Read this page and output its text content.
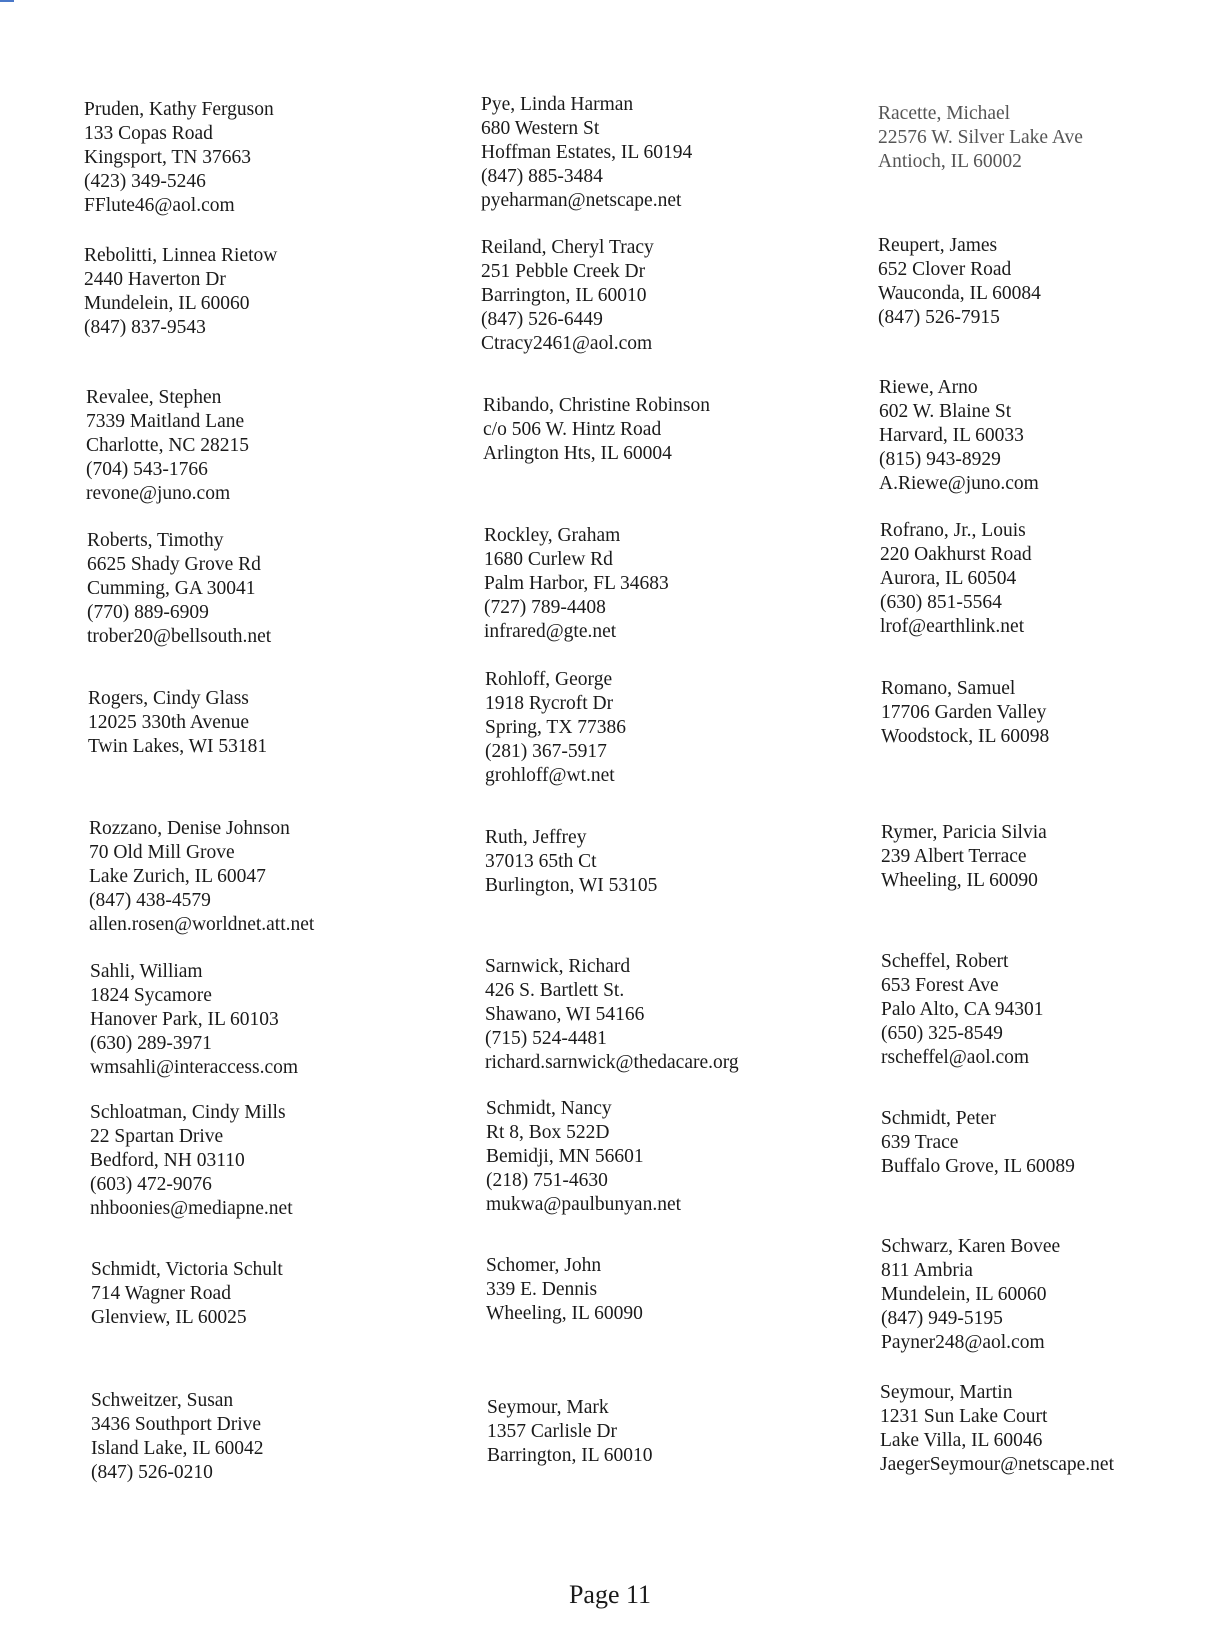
Pruden, Kathy Ferguson
133 Copas Road
Kingsport, TN 37663
(423) 349-5246
FFlute46@aol.com
Pye, Linda Harman
680 Western St
Hoffman Estates, IL 60194
(847) 885-3484
pyeharman@netscape.net
Racette, Michael
22576 W. Silver Lake Ave
Antioch, IL 60002
Rebolitti, Linnea Rietow
2440 Haverton Dr
Mundelein, IL 60060
(847) 837-9543
Reiland, Cheryl Tracy
251 Pebble Creek Dr
Barrington, IL 60010
(847) 526-6449
Ctracy2461@aol.com
Reupert, James
652 Clover Road
Wauconda, IL 60084
(847) 526-7915
Revalee, Stephen
7339 Maitland Lane
Charlotte, NC 28215
(704) 543-1766
revone@juno.com
Ribando, Christine Robinson
c/o 506 W. Hintz Road
Arlington Hts, IL 60004
Riewe, Arno
602 W. Blaine St
Harvard, IL 60033
(815) 943-8929
A.Riewe@juno.com
Roberts, Timothy
6625 Shady Grove Rd
Cumming, GA 30041
(770) 889-6909
trober20@bellsouth.net
Rockley, Graham
1680 Curlew Rd
Palm Harbor, FL 34683
(727) 789-4408
infrared@gte.net
Rofrano, Jr., Louis
220 Oakhurst Road
Aurora, IL 60504
(630) 851-5564
lrof@earthlink.net
Rogers, Cindy Glass
12025 330th Avenue
Twin Lakes, WI 53181
Rohloff, George
1918 Rycroft Dr
Spring, TX 77386
(281) 367-5917
grohloff@wt.net
Romano, Samuel
17706 Garden Valley
Woodstock, IL 60098
Rozzano, Denise Johnson
70 Old Mill Grove
Lake Zurich, IL 60047
(847) 438-4579
allen.rosen@worldnet.att.net
Ruth, Jeffrey
37013 65th Ct
Burlington, WI 53105
Rymer, Paricia Silvia
239 Albert Terrace
Wheeling, IL 60090
Sahli, William
1824 Sycamore
Hanover Park, IL 60103
(630) 289-3971
wmsahli@interaccess.com
Sarnwick, Richard
426 S. Bartlett St.
Shawano, WI 54166
(715) 524-4481
richard.sarnwick@thedacare.org
Scheffel, Robert
653 Forest Ave
Palo Alto, CA 94301
(650) 325-8549
rscheffel@aol.com
Schloatman, Cindy Mills
22 Spartan Drive
Bedford, NH 03110
(603) 472-9076
nhboonies@mediapne.net
Schmidt, Nancy
Rt 8, Box 522D
Bemidji, MN 56601
(218) 751-4630
mukwa@paulbunyan.net
Schmidt, Peter
639 Trace
Buffalo Grove, IL 60089
Schmidt, Victoria Schult
714 Wagner Road
Glenview, IL 60025
Schomer, John
339 E. Dennis
Wheeling, IL 60090
Schwarz, Karen Bovee
811 Ambria
Mundelein, IL 60060
(847) 949-5195
Payner248@aol.com
Schweitzer, Susan
3436 Southport Drive
Island Lake, IL 60042
(847) 526-0210
Seymour, Mark
1357 Carlisle Dr
Barrington, IL 60010
Seymour, Martin
1231 Sun Lake Court
Lake Villa, IL 60046
JaegerSeymour@netscape.net
Page 11
